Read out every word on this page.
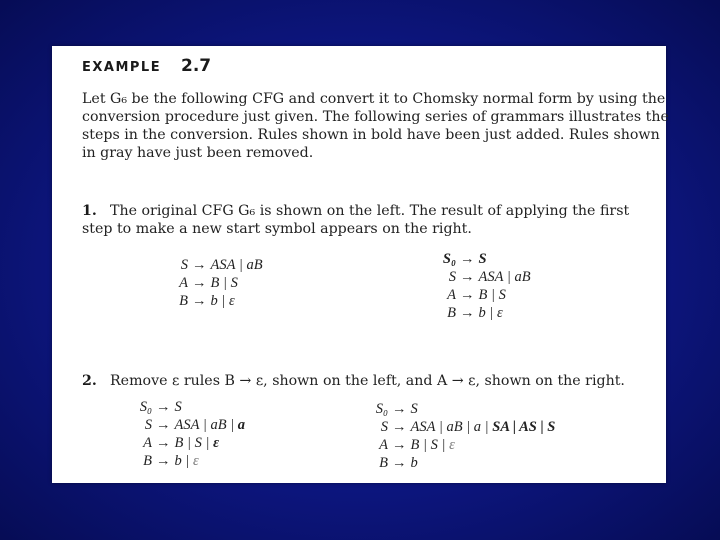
EXAMPLE 2.7
Let G₆ be the following CFG and convert it to Chomsky normal form by using the
conversion procedure just given. The following series of grammars illustrates the
steps in the conversion. Rules shown in bold have been just added. Rules shown
in gray have just been removed.
1. The original CFG G₆ is shown on the left. The result of applying the first
step to make a new start symbol appears on the right.
S → ASA | aB
A → B | S
B → b | ε
S₀ → S
S → ASA | aB
A → B | S
B → b | ε
2. Remove ε rules B → ε, shown on the left, and A → ε, shown on the right.
S₀ → S
S → ASA | aB | a
A → B | S | ε
B → b | ε
S₀ → S
S → ASA | aB | a | SA | AS | S
A → B | S | ε
B → b
